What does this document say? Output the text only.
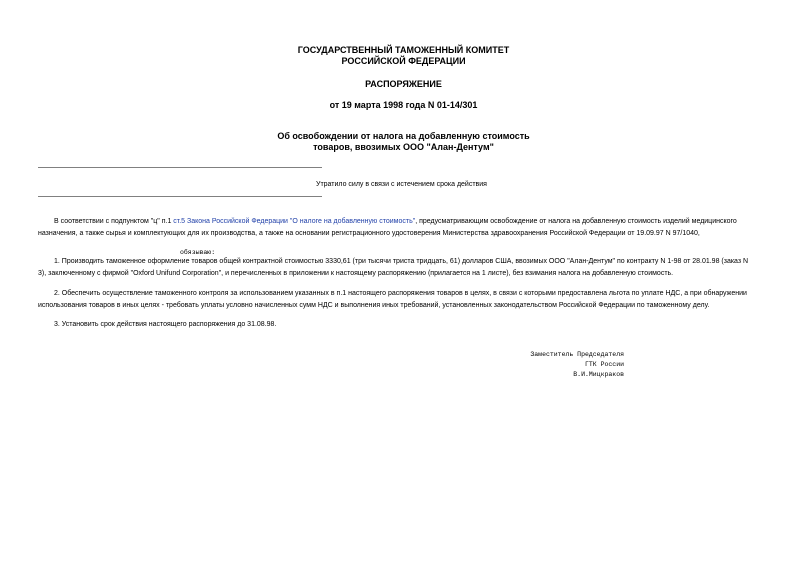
ГОСУДАРСТВЕННЫЙ ТАМОЖЕННЫЙ КОМИТЕТ
РОССИЙСКОЙ ФЕДЕРАЦИИ
РАСПОРЯЖЕНИЕ
от 19 марта 1998 года N 01-14/301
Об освобождении от налога на добавленную стоимость
товаров, ввозимых ООО "Алан-Дентум"
Утратило силу в связи с истечением срока действия
В соответствии с подпунктом "ц" п.1 ст.5 Закона Российской Федерации "О налоге на добавленную стоимость", предусматривающим освобождение от налога на добавленную стоимость изделий медицинского
назначения, а также сырья и комплектующих для их производства, а также на основании регистрационного удостоверения Министерства здравоохранения Российской Федерации от 19.09.97 N 97/1040,
обязываю:
1. Производить таможенное оформление товаров общей контрактной стоимостью 3330,61 (три тысячи триста тридцать, 61) долларов США, ввозимых ООО "Алан-Дентум" по контракту N 1-98 от 28.01.98 (заказ N
3), заключенному с фирмой "Oxford Unifund Corporation", и перечисленных в приложении к настоящему распоряжению (прилагается на 1 листе), без взимания налога на добавленную стоимость.
2. Обеспечить осуществление таможенного контроля за использованием указанных в п.1 настоящего распоряжения товаров в целях, в связи с которыми предоставлена льгота по уплате НДС, а при обнаружении
использования товаров в иных целях - требовать уплаты условно начисленных сумм НДС и выполнения иных требований, установленных законодательством Российской Федерации по таможенному делу.
3. Установить срок действия настоящего распоряжения до 31.08.98.
Заместитель Председателя
ГТК России
В.И.Мицкраков
